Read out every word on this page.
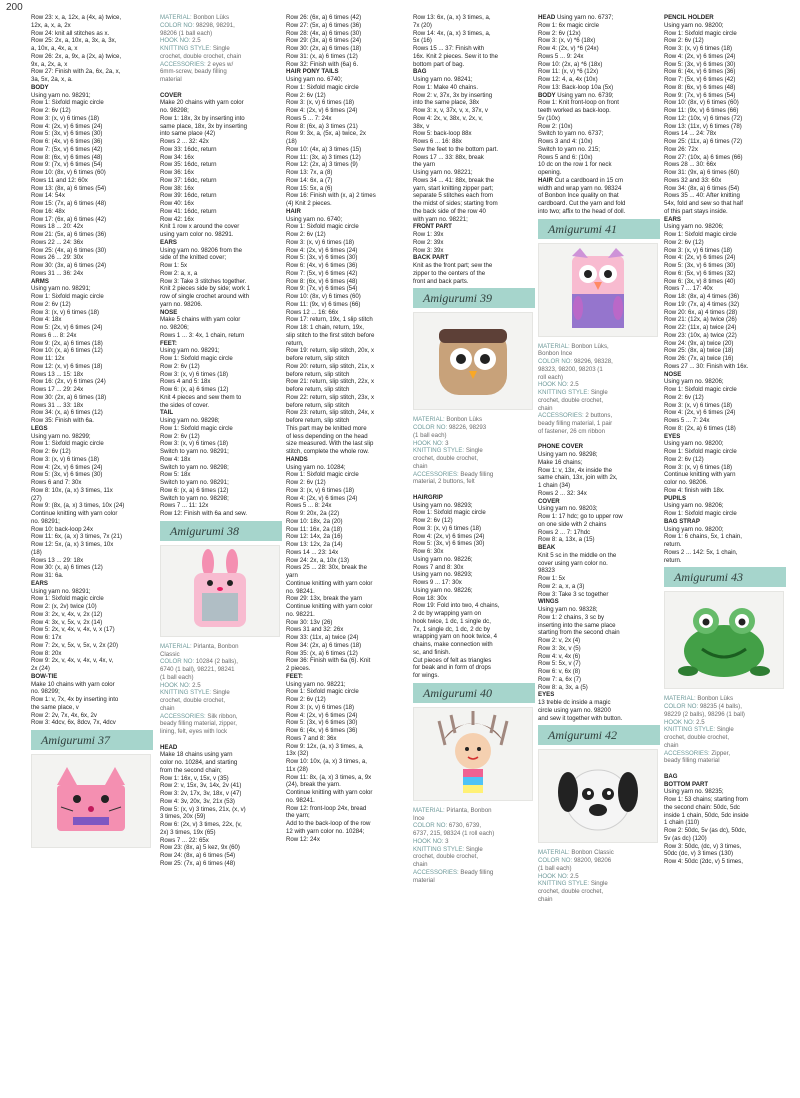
200
Row 23: x, a, 12x, a (4x, a) twice,
12x, a, x, a, 2x
Row 24: knit all stitches as x.
Row 25: 2x, a, 10x, a, 3x, a, 3x,
a, 10x, a, 4x, a, x
Row 26: 2x, a, 9x, a (2x, a) twice,
9x, a, 2x, a, x
Row 27: Finish with 2a, 6x, 2a, x,
3a, 5x, 2a, x, a.
BODY
Using yarn no. 98291;
Row 1: Sixfold magic circle
Row 2: 6v (12)
Row 3: (x, v) 6 times (18)
Row 4: (2x, v) 6 times (24)
Row 5: (3x, v) 6 times (30)
Row 6: (4x, v) 6 times (36)
Row 7: (5x, v) 6 times (42)
Row 8: (6x, v) 6 times (48)
Row 9: (7x, v) 6 times (54)
Row 10: (8x, v) 6 times (60)
Rows 11 and 12: 60x
Row 13: (8x, a) 6 times (54)
Row 14: 54x
Row 15: (7x, a) 6 times (48)
Row 16: 48x
Row 17: (6x, a) 6 times (42)
Rows 18 ... 20: 42x
Row 21: (5x, a) 6 times (36)
Rows 22 ... 24: 36x
Row 25: (4x, a) 6 times (30)
Rows 26 ... 29: 30x
Row 30: (3x, a) 6 times (24)
Rows 31 ... 36: 24x
ARMS
Using yarn no. 98291;
Row 1: Sixfold magic circle
Row 2: 6v (12)
Row 3: (x, v) 6 times (18)
Row 4: 18x
Row 5: (2x, v) 6 times (24)
Rows 6 ... 8: 24x
Row 9: (2x, a) 6 times (18)
Row 10: (x, a) 6 times (12)
Row 11: 12x
Row 12: (x, v) 6 times (18)
Rows 13 ... 15: 18x
Row 16: (2x, v) 6 times (24)
Rows 17 ... 29: 24x
Row 30: (2x, a) 6 times (18)
Rows 31 ... 33: 18x
Row 34: (x, a) 6 times (12)
Row 35: Finish with 6a.
LEGS
Using yarn no. 98299;
Row 1: Sixfold magic circle
Row 2: 6v (12)
Row 3: (x, v) 6 times (18)
Row 4: (2x, v) 6 times (24)
Row 5: (3x, v) 6 times (30)
Rows 6 and 7: 30x
Row 8: 10x, (a, x) 3 times, 11x
(27)
Row 9: (8x, (a, x) 3 times, 10x (24)
Continue knitting with yarn color
no. 98291;
Row 10: back-loop 24x
Row 11: 6x, (a, x) 3 times, 7x (21)
Row 12: 5x, (a, x) 3 times, 10x
(18)
Rows 13 ... 29: 18x
Row 30: (x, a) 6 times (12)
Row 31: 6a.
EARS
Using yarn no. 98291;
Row 1: Sixfold magic circle
Row 2: (x, 2v) twice (10)
Row 3: 2x, v, 4x, v, 2x (12)
Row 4: 3x, v, 5x, v, 2x (14)
Row 5: 2x, v, 4x, v, 4x, v, x (17)
Row 6: 17x
Row 7: 2x, v, 5x, v, 5x, v, 2x (20)
Row 8: 20x
Row 9: 2x, v, 4x, v, 4x, v, 4x, v,
2x (24)
BOW-TIE
Make 10 chains with yarn color
no. 98299;
Row 1: v, 7x, 4x by inserting into
the same place, v
Row 2: 2v, 7x, 4x, 6x, 2v
Row 3: 4dcv, 6x, 8dcv, 7x, 4dcv
Amigurumi 37
MATERIAL: Bonbon Lüks
COLOR NO: 98298, 98291,
98206 (1 ball each)
HOOK NO: 2.5
KNITTING STYLE: Single
crochet, double crochet, chain
ACCESSORIES: 2 eyes w/
6mm-screw, beady filling
material

COVER
Make 20 chains with yarn color
no. 98298;
Row 1: 18x, 3x by inserting into
same place, 18x, 3x by inserting
into same place (42)
Rows 2 ... 32: 42x
Row 33: 16dc, return
Row 34: 16x
Row 35: 16dc, return
Row 36: 16x
Row 37: 16dc, return
Row 38: 16x
Row 39: 16dc, return
Row 40: 16x
Row 41: 16dc, return
Row 42: 16x
Knit 1 row x around the cover
using yarn color no. 98291.
EARS
Using yarn no. 98206 from the
side of the knitted cover;
Row 1: 5x
Row 2: a, x, a
Row 3: Take 3 stitches together.
Knit 2 pieces side by side; work 1
row of single crochet around with
yarn no. 98206.
NOSE
Make 5 chains with yarn color
no. 98206;
Rows 1 ... 3: 4x, 1 chain, return
FEET:
Using yarn no. 98291;
Row 1: Sixfold magic circle
Row 2: 6v (12)
Row 3: (x, v) 6 times (18)
Rows 4 and 5: 18x
Row 6: (x, a) 6 times (12)
Knit 4 pieces and sew them to
the sides of cover.
TAIL
Using yarn no. 98298;
Row 1: Sixfold magic circle
Row 2: 6v (12)
Row 3: (x, v) 6 times (18)
Switch to yarn no. 98291;
Row 4: 18x
Switch to yarn no. 98298;
Row 5: 18x
Switch to yarn no. 98291;
Row 6: (x, a) 6 times (12)
Switch to yarn no. 98298;
Rows 7 ... 11: 12x
Row 12: Finish with 6a and sew.
Amigurumi 38
MATERIAL: Pirlanta, Bonbon
Classic
COLOR NO: 10284 (2 balls),
6740 (1 ball), 98221, 98241
(1 ball each)
HOOK NO: 2.5
KNITTING STYLE: Single
crochet, double crochet,
chain
ACCESSORIES: Silk ribbon,
beady filling material, zipper,
lining, felt, eyes with lock

HEAD
Make 18 chains using yarn
color no. 10284, and starting
from the second chain;
Row 1: 16x, v, 15x, v (35)
Row 2: v, 15x, 3v, 14x, 2v (41)
Row 3: 2v, 17x, 3v, 18x, v (47)
Row 4: 3v, 20x, 3v, 21x (53)
Row 5: (x, v) 3 times, 21x, (x, v)
3 times, 20x (59)
Row 6: (2x, v) 3 times, 22x, (v,
2x) 3 times, 19x (65)
Rows 7 ... 22: 65x
Row 23: (8x, a) 5 kez, 9x (60)
Row 24: (8x, a) 6 times (54)
Row 25: (7x, a) 6 times (48)
Row 26: (6x, a) 6 times (42)
Row 27: (5x, a) 6 times (36)
Row 28: (4x, a) 6 times (30)
Row 29: (3x, a) 6 times (24)
Row 30: (2x, a) 6 times (18)
Row 31: (x, a) 6 times (12)
Row 32: Finish with (6a) 6.
HAIR PONY TAILS
Using yarn no. 6740;
Row 1: Sixfold magic circle
Row 2: 6v (12)
Row 3: (x, v) 6 times (18)
Row 4: (2x, v) 6 times (24)
Rows 5 ... 7: 24x
Row 8: (6x, a) 3 times (21)
Row 9: 3x, a, (5x, a) twice, 2x
(18)
Row 10: (4x, a) 3 times (15)
Row 11: (3x, a) 3 times (12)
Row 12: (2x, a) 3 times (9)
Row 13: 7x, a (8)
Row 14: 6x, a (7)
Row 15: 5x, a (6)
Row 16: Finish with (x, a) 2 times
(4) Knit 2 pieces.
HAIR
Using yarn no. 6740;
Row 1: Sixfold magic circle
Row 2: 6v (12)
Row 3: (x, v) 6 times (18)
Row 4: (2x, v) 6 times (24)
Row 5: (3x, v) 6 times (30)
Row 6: (4x, v) 6 times (36)
Row 7: (5x, v) 6 times (42)
Row 8: (6x, v) 6 times (48)
Row 9: (7x, v) 6 times (54)
Row 10: (8x, v) 6 times (60)
Row 11: (9x, v) 6 times (66)
Rows 12 ... 16: 66x
Row 17: return, 19x, 1 slip stitch
Row 18: 1 chain, return, 19x,
slip stitch to the first stitch before
return,
Row 19: return, slip stitch, 20x, x
before return, slip stitch
Row 20: return, slip stitch, 21x, x
before return, slip stitch
Row 21: return, slip stitch, 22x, x
before return, slip stitch
Row 22: return, slip stitch, 23x, x
before return, slip stitch
Row 23: return, slip stitch, 24x, x
before return, slip stitch
This part may be knitted more
of less depending on the head
size measured. With the last slip
stitch, complete the whole row.
HANDS
Using yarn no. 10284;
Row 1: Sixfold magic circle
Row 2: 6v (12)
Row 3: (x, v) 6 times (18)
Row 4: (2x, v) 6 times (24)
Rows 5 ... 8: 24x
Row 9: 20x, 2a (22)
Row 10: 18x, 2a (20)
Row 11: 16x, 2a (18)
Row 12: 14x, 2a (16)
Row 13: 12x, 2a (14)
Rows 14 ... 23: 14x
Row 24: 2x, a, 10x (13)
Rows 25 ... 28: 30x, break the
yarn
Continue knitting with yarn color
no. 98241.
Row 29: 13x, break the yarn
Continue knitting with yarn color
no. 98221.
Row 30: 13v (26)
Rows 31 and 32: 26x
Row 33: (11x, a) twice (24)
Row 34: (2x, a) 6 times (18)
Row 35: (x, a) 6 times (12)
Row 36: Finish with 6a (6). Knit
2 pieces.
FEET:
Using yarn no. 98221;
Row 1: Sixfold magic circle
Row 2: 6v (12)
Row 3: (x, v) 6 times (18)
Row 4: (2x, v) 6 times (24)
Row 5: (3x, v) 6 times (30)
Row 6: (4x, v) 6 times (36)
Rows 7 and 8: 36x
Row 9: 12x, (a, x) 3 times, a,
13x (32)
Row 10: 10x, (a, x) 3 times, a,
11x (28)
Row 11: 8x, (a, x) 3 times, a, 9x
(24), break the yarn.
Continue knitting with yarn color
no. 98241.
Row 12: front-loop 24x, bread
the yarn;
Add to the back-loop of the row
12 with yarn color no. 10284;
Row 12: 24x
Row 13: 6x, (a, x) 3 times, a,
7x (20)
Row 14: 4x, (a, x) 3 times, a,
5x (16)
Rows 15 ... 37: Finish with
16x. Knit 2 pieces. Sew it to the
bottom part of bag.
BAG
Using yarn no. 98241;
Row 1: Make 40 chains.
Row 2: v, 37x, 3x by inserting
into the same place, 38x
Row 3: x, v, 37x, v, x, 37x, v
Row 4: 2x, v, 38x, v, 2x, v,
38x, v
Row 5: back-loop 88x
Rows 6 ... 16: 88x
Sew the feet to the bottom part.
Rows 17 ... 33: 88x, break
the yarn
Using yarn no. 98221;
Rows 34 ... 41: 88x, break the
yarn, start knitting zipper part;
separate 5 stitches each from
the midst of sides; starting from
the back side of the row 40
with yarn no. 98221;
FRONT PART
Row 1: 39x
Row 2: 39x
Row 3: 39x
BACK PART
Knit as the front part; sew the
zipper to the centers of the
front and back parts.
Amigurumi 39
MATERIAL: Bonbon Lüks
COLOR NO: 98226, 98293
(1 ball each)
HOOK NO: 3
KNITTING STYLE: Single
crochet, double crochet,
chain
ACCESSORIES: Beady filling
material, 2 buttons, felt

HAIRGRIP
Using yarn no. 98293;
Row 1: Sixfold magic circle
Row 2: 6v (12)
Row 3: (x, v) 6 times (18)
Row 4: (2x, v) 6 times (24)
Row 5: (3x, v) 6 times (30)
Row 6: 30x
Using yarn no. 98226;
Rows 7 and 8: 30x
Using yarn no. 98293;
Rows 9 ... 17: 30x
Using yarn no. 98226;
Row 18: 30x
Row 19: Fold into two, 4 chains,
2 dc by wrapping yarn on
hook twice, 1 dc, 1 single dc,
7x, 1 single dc, 1 dc, 2 dc by
wrapping yarn on hook twice, 4
chains, make connection with
sc, and finish.
Cut pieces of felt as triangles
for beak and in form of drops
for wings.
Amigurumi 40
MATERIAL: Pirlanta, Bonbon
İnce
COLOR NO: 6730, 6739,
6737, 215, 98324 (1 roll each)
HOOK NO: 3
KNITTING STYLE: Single
crochet, double crochet,
chain
ACCESSORIES: Beady filling
material
HEAD Using yarn no. 6737;
Row 1: 6x magic circle
Row 2: 6v (12x)
Row 3: (x, v) *6 (18x)
Row 4: (2x, v) *6 (24x)
Rows 5 ... 9: 24x
Row 10: (2x, a) *6 (18x)
Row 11: (x, v) *6 (12x)
Row 12: 4, a, 4x (10x)
Row 13: Back-loop 10a (5x)
BODY Using yarn no. 6739;
Row 1: Knit front-loop on front
teeth worked as back-loop.
5v (10x)
Row 2: (10x)
Switch to yarn no. 6737;
Rows 3 and 4: (10x)
Switch to yarn no. 215;
Rows 5 and 6: (10x)
10 dc on the row 1 for neck
opening.
HAIR Cut a cardboard in 15 cm
width and wrap yarn no. 98324
of Bonbon İnce quality on that
cardboard. Cut the yarn and fold
into two; affix to the head of doll.
Amigurumi 41
MATERIAL: Bonbon Lüks,
Bonbon İnce
COLOR NO: 98296, 98328,
98323, 98200, 98203 (1
roll each)
HOOK NO: 2.5
KNITTING STYLE: Single
crochet, double crochet,
chain
ACCESSORIES: 2 buttons,
beady filling material, 1 pair
of fastener, 26 cm ribbon

PHONE COVER
Using yarn no. 98298;
Make 16 chains;
Row 1: v, 13x, 4x inside the
same chain, 13x, join with 2x,
1 chain (34)
Rows 2 ... 32: 34x
COVER
Using yarn no. 98203;
Row 1: 17 hdc; go to upper row
on one side with 2 chains
Rows 2 ... 7: 17hdc
Row 8: a, 13x, a (15)
BEAK
Knit 5 sc in the middle on the
cover using yarn color no.
98323
Row 1: 5x
Row 2: a, x, a (3)
Row 3: Take 3 sc together
WINGS
Using yarn no. 98328;
Row 1: 2 chains, 3 sc by
inserting into the same place
starting from the second chain
Row 2: v, 2x (4)
Row 3: 3x, v (5)
Row 4: v, 4x (6)
Row 5: 5x, v (7)
Row 6: v, 6x (8)
Row 7: a, 6x (7)
Row 8: a, 3x, a (5)
EYES
13 treble dc inside a magic
circle using yarn no. 98200
and sew it together with button.
Amigurumi 42
MATERIAL: Bonbon Classic
COLOR NO: 98200, 98206
(1 ball each)
HOOK NO: 2.5
KNITTING STYLE: Single
crochet, double crochet,
chain
PENCIL HOLDER
Using yarn no. 98200;
Row 1: Sixfold magic circle
Row 2: 6v (12)
Row 3: (x, v) 6 times (18)
Row 4: (2x, v) 6 times (24)
Row 5: (3x, v) 6 times (30)
Row 6: (4x, v) 6 times (36)
Row 7: (5x, v) 6 times (42)
Row 8: (6x, v) 6 times (48)
Row 9: (7x, v) 6 times (54)
Row 10: (8x, v) 6 times (60)
Row 11: (9x, v) 6 times (66)
Row 12: (10x, v) 6 times (72)
Row 13: (11x, v) 6 times (78)
Rows 14 ... 24: 78x
Row 25: (11x, a) 6 times (72)
Row 26: 72x
Row 27: (10x, a) 6 times (66)
Rows 28 ... 30: 66x
Row 31: (9x, a) 6 times (60)
Rows 32 and 33: 60x
Row 34: (8x, a) 6 times (54)
Rows 35 ... 40: After knitting
54x, fold and sew so that half
of this part stays inside.
EARS
Using yarn no. 98206;
Row 1: Sixfold magic circle
Row 2: 6v (12)
Row 3: (x, v) 6 times (18)
Row 4: (2x, v) 6 times (24)
Row 5: (3x, v) 6 times (30)
Row 6: (5x, v) 6 times (32)
Row 6: (3x, v) 8 times (40)
Rows 7 ... 17: 40x
Row 18: (8x, a) 4 times (36)
Row 19: (7x, a) 4 times (32)
Row 20: 6x, a) 4 times (28)
Row 21: (12x, a) twice (26)
Row 22: (11x, a) twice (24)
Row 23: (10x, a) twice (22)
Row 24: (9x, a) twice (20)
Row 25: (8x, a) twice (18)
Row 26: (7x, a) twice (16)
Rows 27 ... 30: Finish with 16x.
NOSE
Using yarn no. 98206;
Row 1: Sixfold magic circle
Row 2: 6v (12)
Row 3: (x, v) 6 times (18)
Row 4: (2x, v) 6 times (24)
Rows 5 ... 7: 24x
Row 8: (2x, a) 6 times (18)
EYES
Using yarn no. 98200;
Row 1: Sixfold magic circle
Row 2: 6v (12)
Row 3: (x, v) 6 times (18)
Continue knitting with yarn
color no. 98206.
Row 4: finish with 18x.
PUPILS
Using yarn no. 98206;
Row 1: Sixfold magic circle
BAG STRAP
Using yarn no. 98200;
Row 1: 6 chains, 5x, 1 chain,
return.
Rows 2 ... 142: 5x, 1 chain,
return.
Amigurumi 43
MATERIAL: Bonbon Lüks
COLOR NO: 98235 (4 balls),
98229 (2 balls), 98296 (1 ball)
HOOK NO: 2.5
KNITTING STYLE: Single
crochet, double crochet,
chain
ACCESSORIES: Zipper,
beady filling material

BAG
BOTTOM PART
Using yarn no. 98235;
Row 1: 53 chains; starting from
the second chain: 50dc, 5dc
inside 1 chain, 50dc, 5dc inside
1 chain (110)
Row 2: 50dc, 5v (as dc), 50dc,
5v (as dc) (120)
Row 3: 50dc, (dc, v) 3 times,
50dc (dc, v) 3 times (130)
Row 4: 50dc (2dc, v) 5 times,
